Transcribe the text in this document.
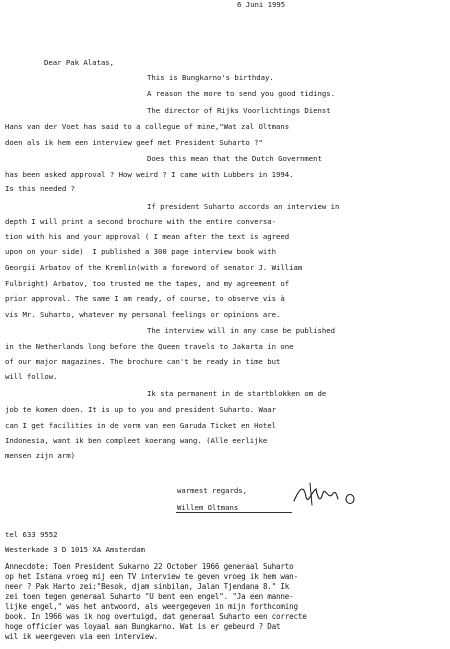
6 Juni 1995
Dear Pak Alatas,
This is Bungkarno's birthday.
A reason the more to send you good tidings.
The director of Rijks Voorlichtings Dienst
Hans van der Voet has said to a collegue of mine,"Wat zal Oltmans
doen als ik hem een interview geef met President Suharto ?"
Does this mean that the Dutch Government
has been asked approval ? How weird ? I came with Lubbers in 1994.
Is this needed ?
If president Suharto accords an interview in
depth I will print a second brochure with the entire conversa-
tion with his and your approval ( I mean after the text is agreed
upon on your side)  I published a 300 page interview book with
Georgii Arbatov of the Kremlin(with a foreword of senator J. William
Fulbright) Arbatov, too trusted me the tapes, and my agreement of
prior approval. The same I am ready, of course, to observe vis à
vis Mr. Suharto, whatever my personal feelings or opinions are.
The interview will in any case be published
in the Netherlands long before the Queen travels to Jakarta in one
of our major magazines. The brochure can't be ready in time but
will follow.
Ik sta permanent in de startblokken om de
job te komen doen. It is up to you and president Suharto. Waar
can I get facilities in de vorm van een Garuda Ticket en Hotel
Indonesia, want ik ben compleet koerang wang. (Alle eerlijke
mensen zijn arm)
warmest regards,
Willem Oltmans
tel 633 9552
Westerkade 3 D 1015 XA Amsterdam
Annecdote: Toen President Sukarno 22 October 1966 generaal Suharto
op het Istana vroeg mij een TV interview te geven vroeg ik hem wan-
neer ? Pak Harto zei:"Besok, djam sinbilan, Jalan Tjendana 8." Ik
zei toen tegen generaal Suharto "U bent een engel". "Ja een manne-
lijke engel," was het antwoord, als weergegeven in mijn forthcoming
book. In 1966 was ik nog overtuigd, dat generaal Suharto een correcte
hoge officier was loyaal aan Bungkarno. Wat is er gebeurd ? Dat
wil ik weergeven via een interview.
